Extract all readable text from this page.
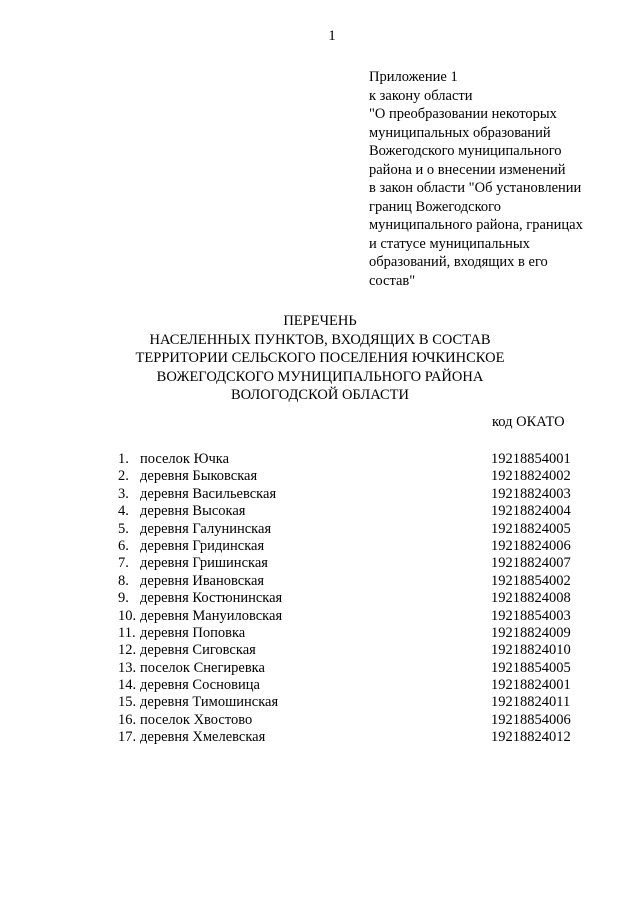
1
Приложение 1
к закону области
"О преобразовании некоторых
муниципальных образований
Вожегодского муниципального
района и о внесении изменений
в закон области "Об установлении
границ Вожегодского
муниципального района, границах
и статусе муниципальных
образований, входящих в его
состав"
ПЕРЕЧЕНЬ
НАСЕЛЕННЫХ ПУНКТОВ, ВХОДЯЩИХ В СОСТАВ
ТЕРРИТОРИИ СЕЛЬСКОГО ПОСЕЛЕНИЯ ЮЧКИНСКОЕ
ВОЖЕГОДСКОГО МУНИЦИПАЛЬНОГО РАЙОНА
ВОЛОГОДСКОЙ ОБЛАСТИ
код ОКАТО
1. поселок Ючка	19218854001
2. деревня Быковская	19218824002
3. деревня Васильевская	19218824003
4. деревня Высокая	19218824004
5. деревня Галунинская	19218824005
6. деревня Гридинская	19218824006
7. деревня Гришинская	19218824007
8. деревня Ивановская	19218854002
9. деревня Костюнинская	19218824008
10. деревня Мануиловская	19218854003
11. деревня Поповка	19218824009
12. деревня Сиговская	19218824010
13. поселок Снегиревка	19218854005
14. деревня Сосновица	19218824001
15. деревня Тимошинская	19218824011
16. поселок Хвостово	19218854006
17. деревня Хмелевская	19218824012
